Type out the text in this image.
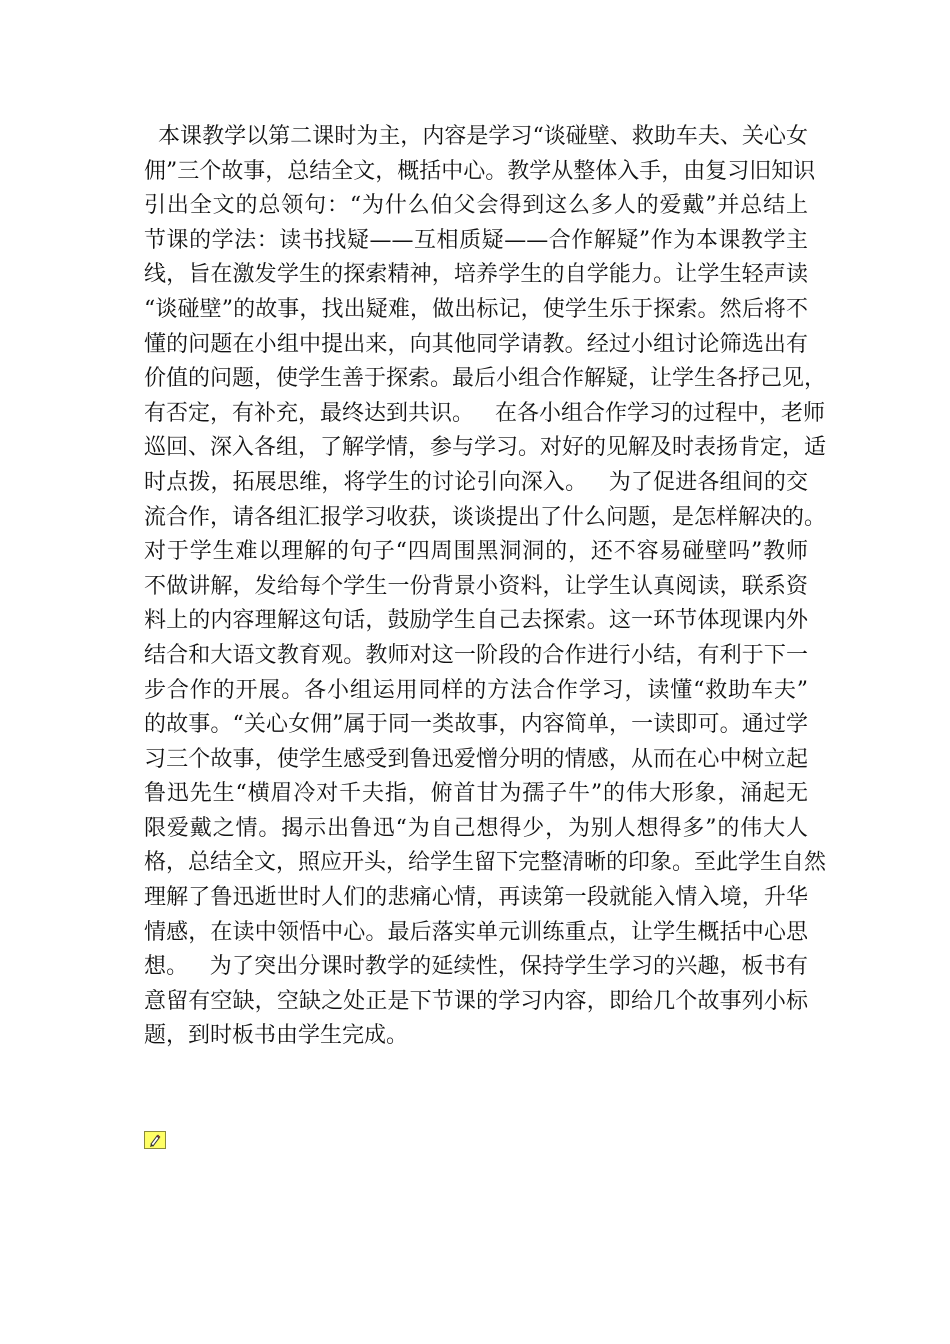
本课教学以第二课时为主，内容是学习“谈碰壁、救助车夫、关心女
佣”三个故事，总结全文，概括中心。教学从整体入手，由复习旧知识
引出全文的总领句：“为什么伯父会得到这么多人的爱戴”并总结上
节课的学法：读书找疑——互相质疑——合作解疑”作为本课教学主
线，旨在激发学生的探索精神，培养学生的自学能力。让学生轻声读
“谈碰壁”的故事，找出疑难，做出标记，使学生乐于探索。然后将不
懂的问题在小组中提出来，向其他同学请教。经过小组讨论筛选出有
价值的问题，使学生善于探索。最后小组合作解疑，让学生各抒己见，
有否定，有补充，最终达到共识。   在各小组合作学习的过程中，老师
巡回、深入各组，了解学情，参与学习。对好的见解及时表扬肯定，适
时点拨，拓展思维，将学生的讨论引向深入。   为了促进各组间的交
流合作，请各组汇报学习收获，谈谈提出了什么问题，是怎样解决的。
对于学生难以理解的句子“四周围黑洞洞的，还不容易碰壁吗”教师
不做讲解，发给每个学生一份背景小资料，让学生认真阅读，联系资
料上的内容理解这句话，鼓励学生自己去探索。这一环节体现课内外
结合和大语文教育观。教师对这一阶段的合作进行小结，有利于下一
步合作的开展。各小组运用同样的方法合作学习，读懂“救助车夫”
的故事。“关心女佣”属于同一类故事，内容简单，一读即可。通过学
习三个故事，使学生感受到鲁迅爱憎分明的情感，从而在心中树立起
鲁迅先生“横眉冷对千夫指，俯首甘为孺子牛”的伟大形象，涌起无
限爱戴之情。揭示出鲁迅“为自己想得少，为别人想得多”的伟大人
格，总结全文，照应开头，给学生留下完整清晰的印象。至此学生自然
理解了鲁迅逝世时人们的悲痛心情，再读第一段就能入情入境，升华
情感，在读中领悟中心。最后落实单元训练重点，让学生概括中心思
想。   为了突出分课时教学的延续性，保持学生学习的兴趣，板书有
意留有空缺，空缺之处正是下节课的学习内容，即给几个故事列小标
题，到时板书由学生完成。
